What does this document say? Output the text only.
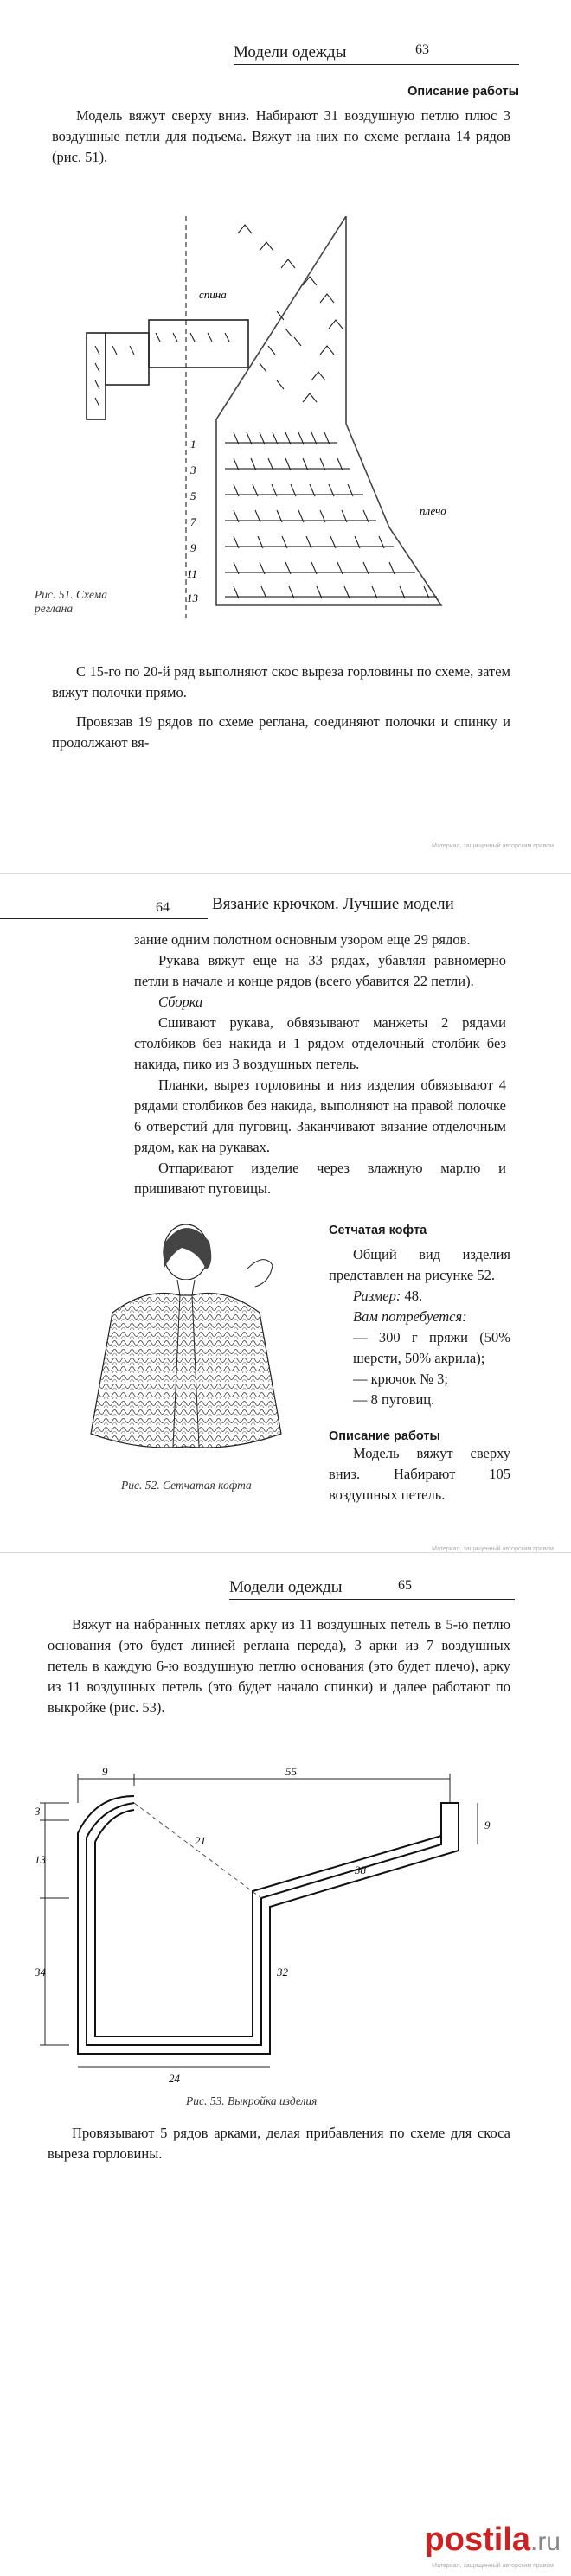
Модели одежды	63
Описание работы

Модель вяжут сверху вниз. Набирают 31 воздушную петлю плюс 3 воздушные петли для подъема. Вяжут на них по схеме реглана 14 рядов (рис. 51).

1
3
5
7
9
11
13
спина
плечо
Рис. 51. Схема реглана

С 15-го по 20-й ряд выполняют скос выреза горловины по схеме, затем вяжут полочки прямо.

Провязав 19 рядов по схеме реглана, соединяют полочки и спинку и продолжают вя-

Материал, защищенный авторским правом
64	Вязание крючком. Лучшие модели

зание одним полотном основным узором еще 29 рядов.

Рукава вяжут еще на 33 рядах, убавляя равномерно петли в начале и конце рядов (всего убавится 22 петли).

Сборка

Сшивают рукава, обвязывают манжеты 2 рядами столбиков без накида и 1 рядом отделочный столбик без накида, пико из 3 воздушных петель.

Планки, вырез горловины и низ изделия обвязывают 4 рядами столбиков без накида, выполняют на правой полочке 6 отверстий для пуговиц. Заканчивают вязание отделочным рядом, как на рукавах.

Отпаривают изделие через влажную марлю и пришивают пуговицы.

Рис. 52. Сетчатая кофта
Сетчатая кофта

Общий вид изделия представлен на рисунке 52.

Размер: 48.

Вам потребуется:

— 300 г пряжи (50% шерсти, 50% акрила);

— крючок № 3;

— 8 пуговиц.

Описание работы

Модель вяжут сверху вниз. Набирают 105 воздушных петель.

Материал, защищенный авторским правом
Модели одежды	65

Вяжут на набранных петлях арку из 11 воздушных петель в 5-ю петлю основания (это будет линией реглана переда), 3 арки из 7 воздушных петель в каждую 6-ю воздушную петлю основания (это будет плечо), арку из 11 воздушных петель (это будет начало спинки) и далее работают по выкройке (рис. 53).

9	55
3
13
21
38
9
34	32
24
Рис. 53. Выкройка изделия

Провязывают 5 рядов арками, делая прибавления по схеме для скоса выреза горловины.

postila.ru
Материал, защищенный авторским правом
